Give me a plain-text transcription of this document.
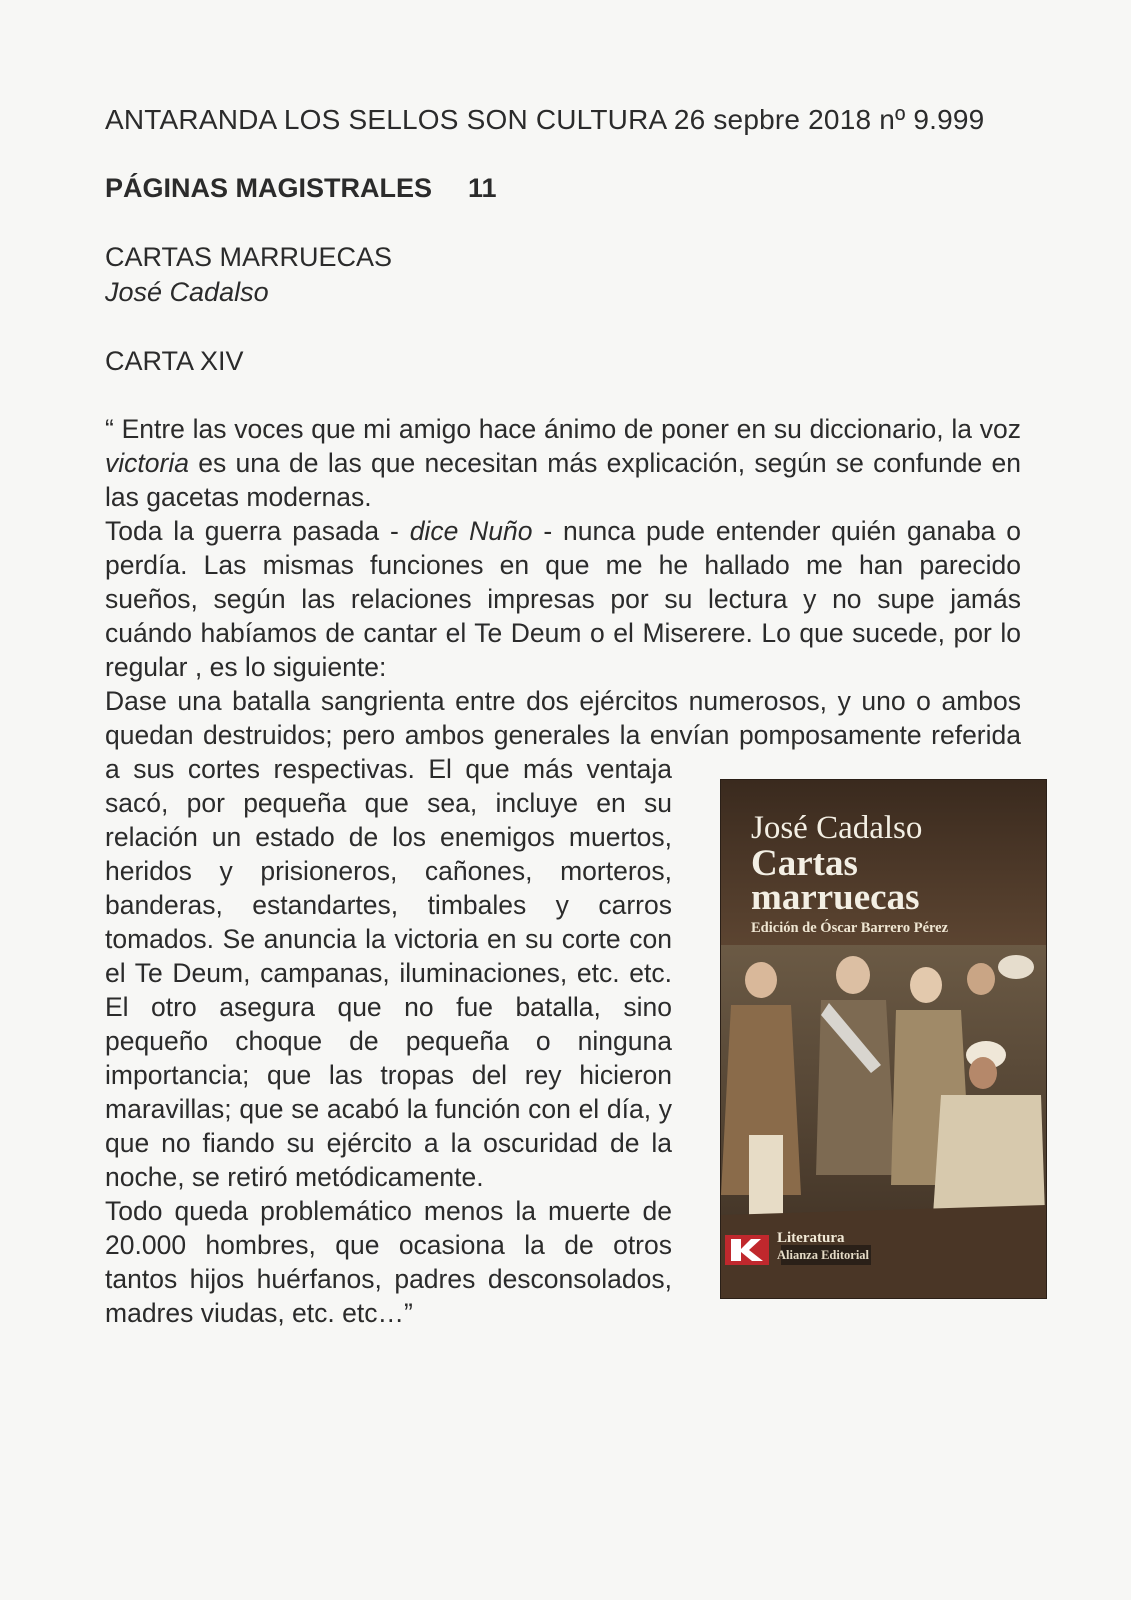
ANTARANDA LOS SELLOS SON CULTURA 26 sepbre 2018 nº 9.999
PÁGINAS MAGISTRALES 11
CARTAS MARRUECAS
José Cadalso
CARTA XIV

“ Entre las voces que mi amigo hace ánimo de poner en su diccionario, la voz victoria es una de las que necesitan más explicación, según se confunde en las gacetas modernas.

Toda la guerra pasada - dice Nuño - nunca pude entender quién ganaba o perdía. Las mismas funciones en que me he hallado me han parecido sueños, según las relaciones impresas por su lectura y no supe jamás cuándo habíamos de cantar el Te Deum o el Miserere. Lo que sucede, por lo regular , es lo siguiente:

Dase una batalla sangrienta entre dos ejércitos numerosos, y uno o ambos quedan destruidos; pero ambos generales la envían pomposamente referida a sus cortes respectivas. El que más ventaja sacó, por pequeña que sea, incluye en su relación un estado de los enemigos muertos, heridos y prisioneros, cañones, morteros, banderas, estandartes, timbales y carros tomados. Se anuncia la victoria en su corte con el Te Deum, campanas, iluminaciones, etc. etc. El otro asegura que no fue batalla, sino pequeño choque de pequeña o ninguna importancia; que las tropas del rey hicieron maravillas; que se acabó la función con el día, y que no fiando su ejército a la oscuridad de la noche, se retiró metódicamente.

Todo queda problemático menos la muerte de 20.000 hombres, que ocasiona la de otros tantos hijos huérfanos, padres desconsolados, madres viudas, etc. etc…”

José Cadalso
Cartas
marruecas
Edición de Óscar Barrero Pérez
Literatura
Alianza Editorial
